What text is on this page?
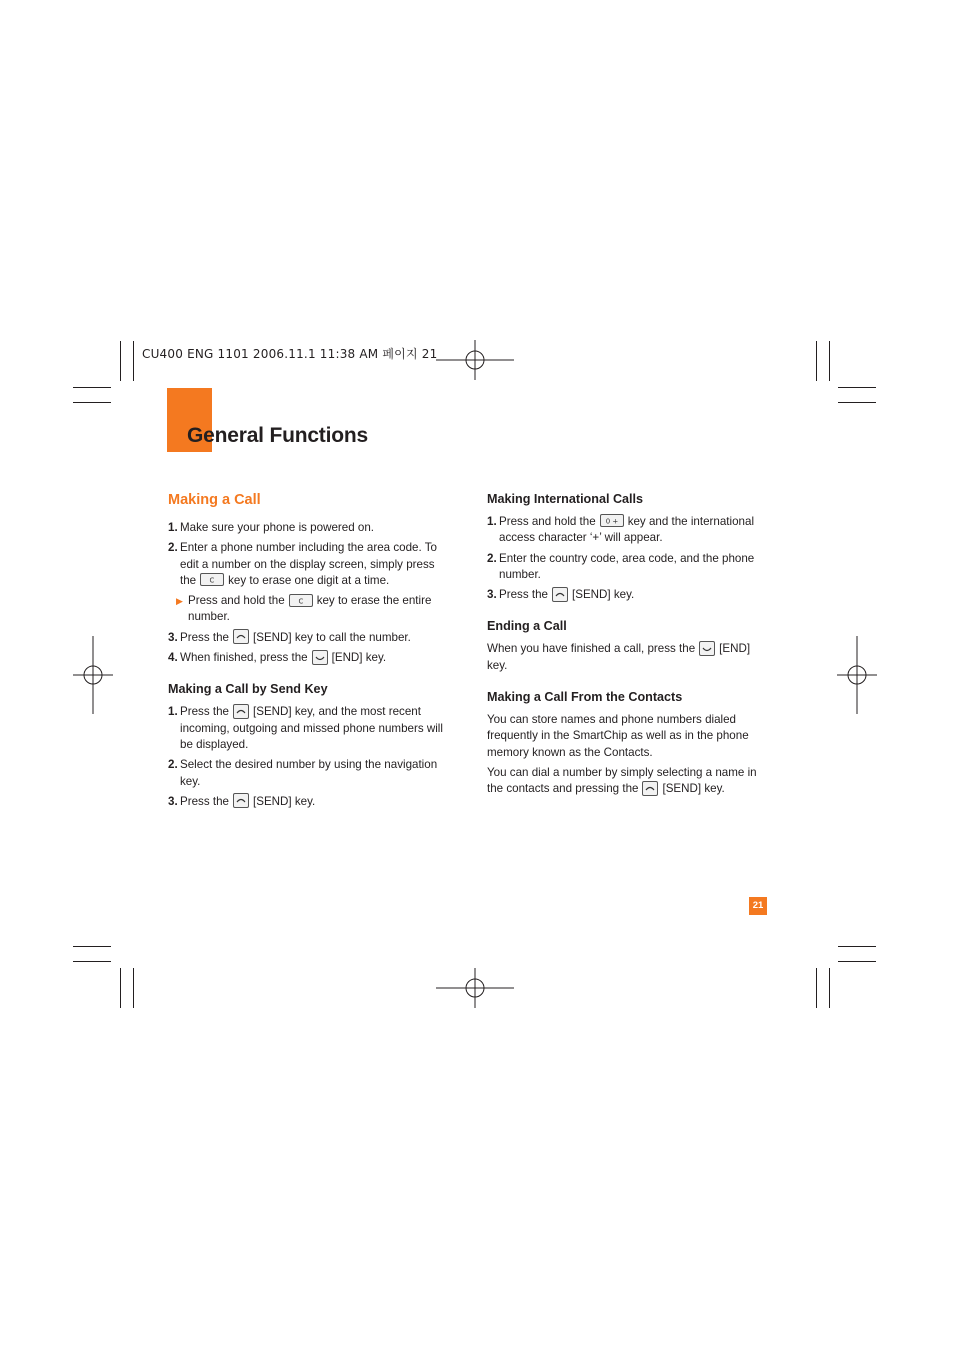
CU400 ENG 1101 2006.11.1 11:38 AM 페이지 21
General Functions
Making a Call
1. Make sure your phone is powered on.
2. Enter a phone number including the area code. To edit a number on the display screen, simply press the C key to erase one digit at a time.
▶ Press and hold the C key to erase the entire number.
3. Press the [SEND] key to call the number.
4. When finished, press the [END] key.
Making a Call by Send Key
1. Press the [SEND] key, and the most recent incoming, outgoing and missed phone numbers will be displayed.
2. Select the desired number by using the navigation key.
3. Press the [SEND] key.
Making International Calls
1. Press and hold the 0 + key and the international access character ‘+’ will appear.
2. Enter the country code, area code, and the phone number.
3. Press the [SEND] key.
Ending a Call

When you have finished a call, press the [END] key.

Making a Call From the Contacts

You can store names and phone numbers dialed frequently in the SmartChip as well as in the phone memory known as the Contacts.

You can dial a number by simply selecting a name in the contacts and pressing the [SEND] key.

21
